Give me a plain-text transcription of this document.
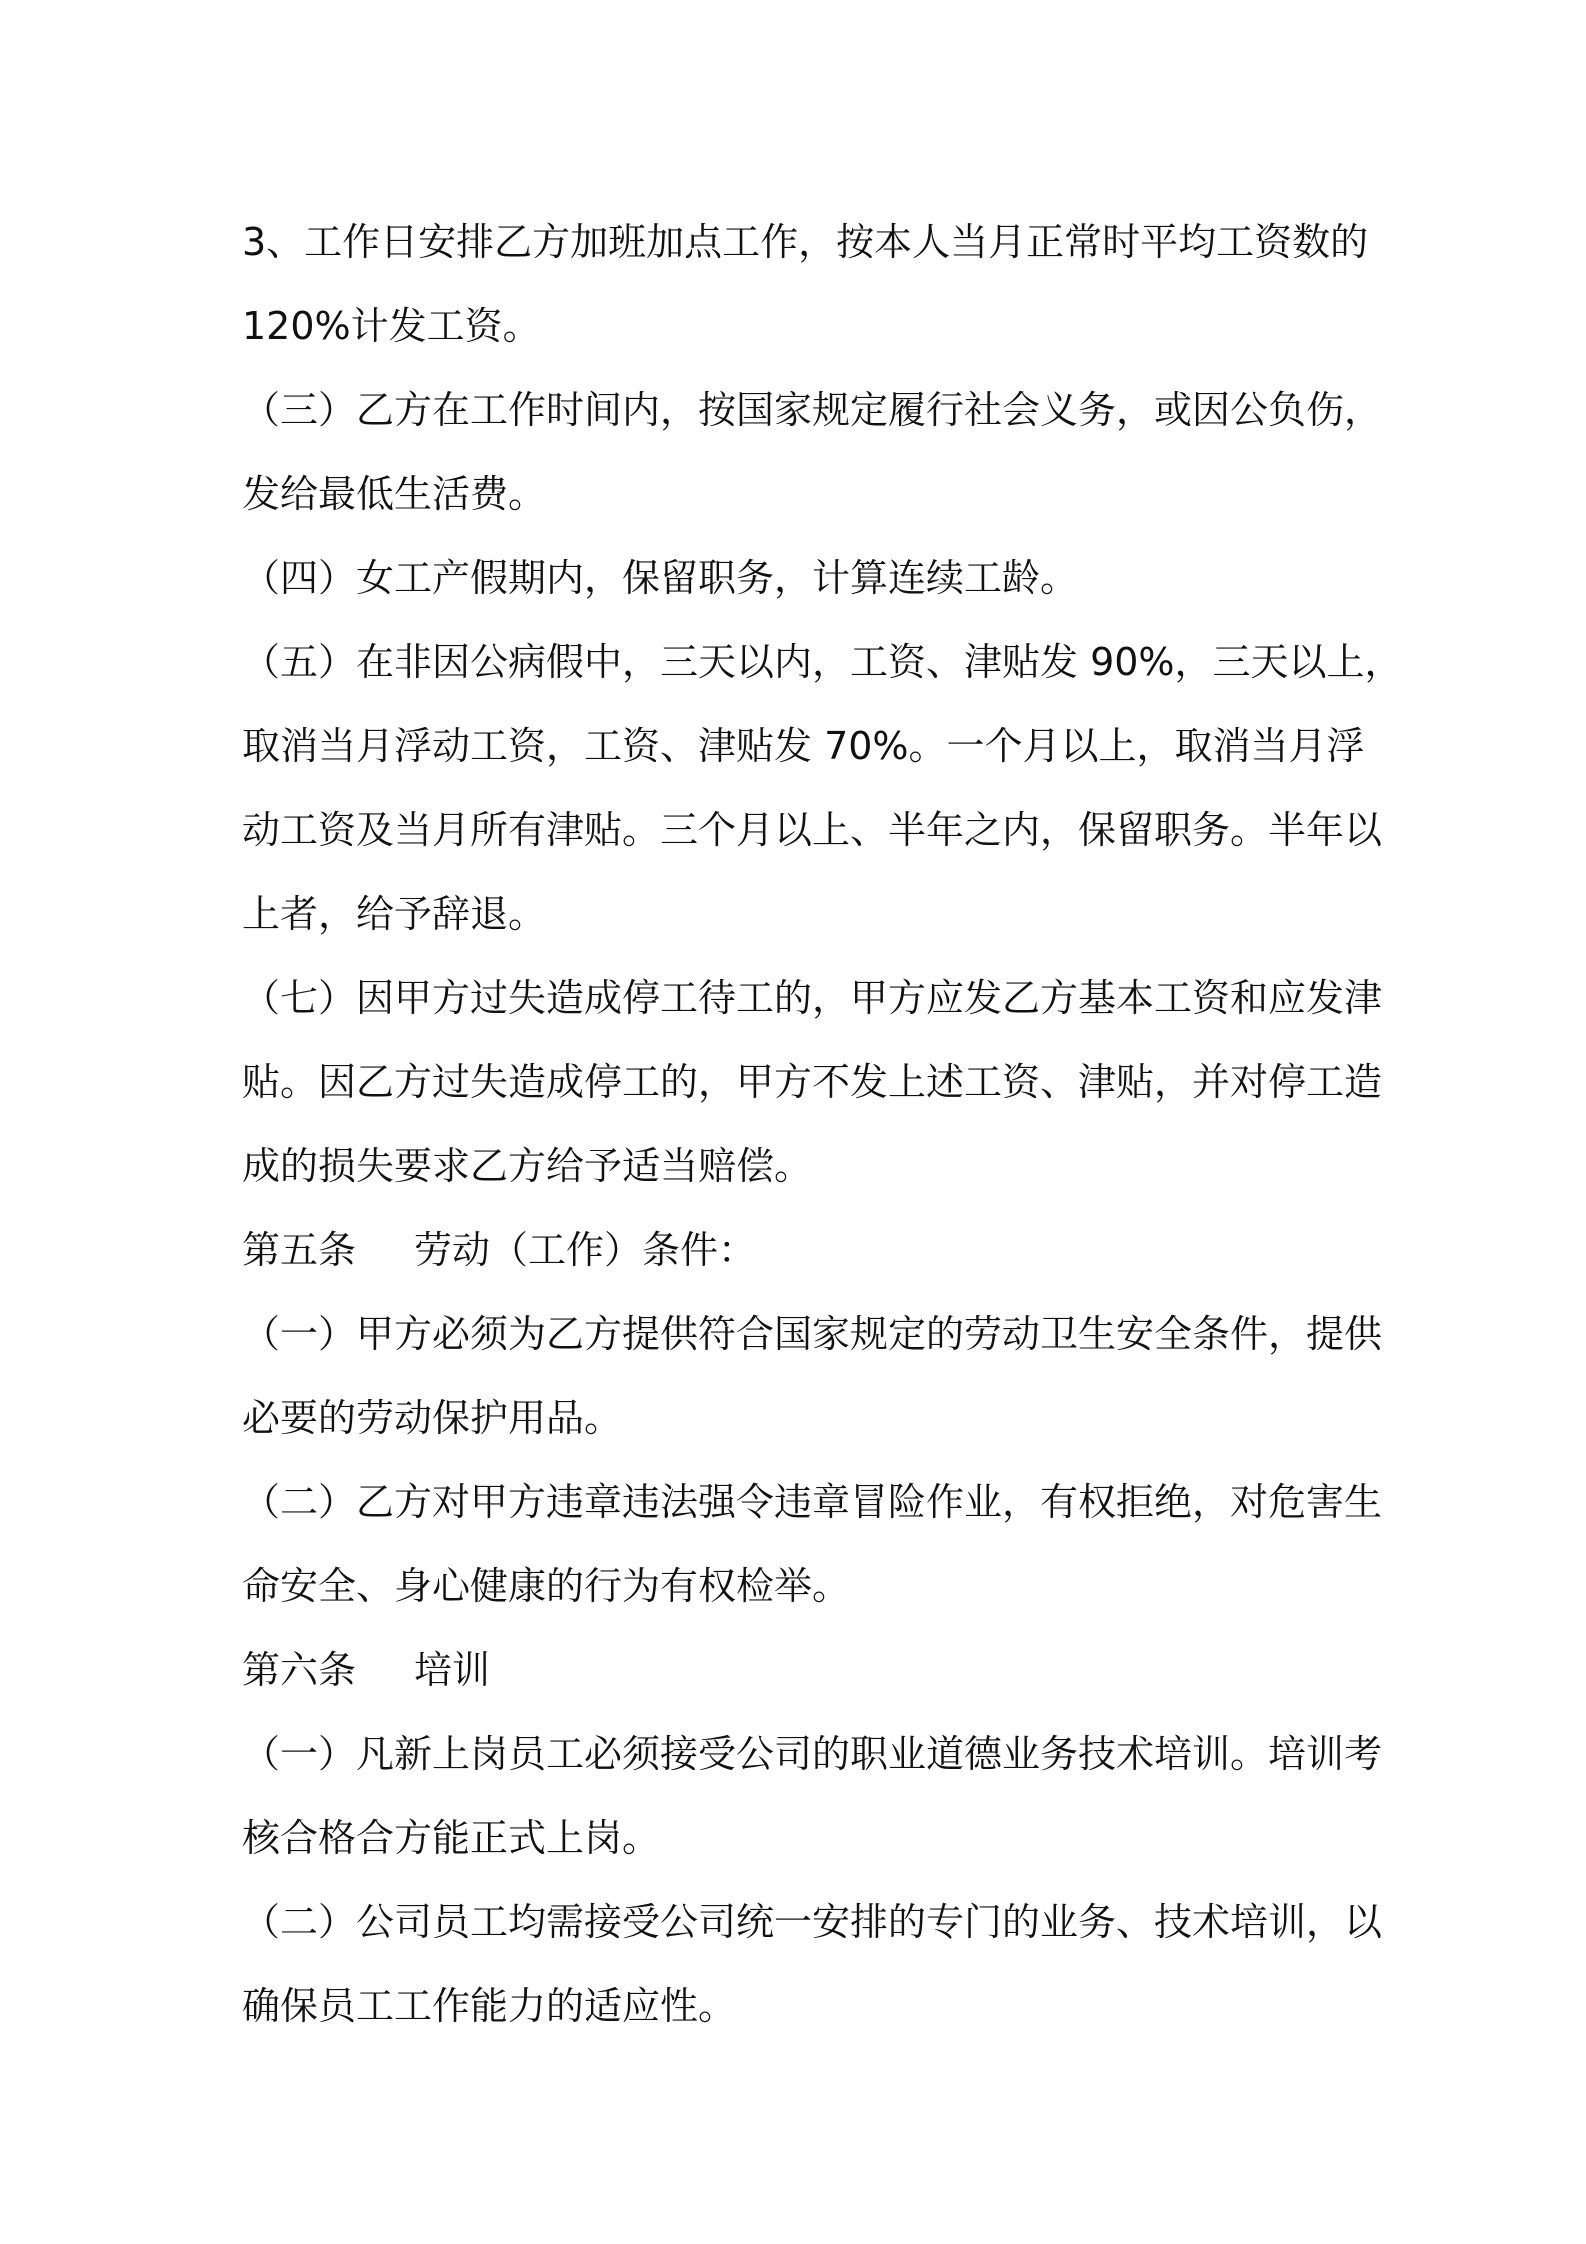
3、工作日安排乙方加班加点工作，按本人当月正常时平均工资数的
120%计发工资。
（三）乙方在工作时间内，按国家规定履行社会义务，或因公负伤，
发给最低生活费。
（四）女工产假期内，保留职务，计算连续工龄。
（五）在非因公病假中，三天以内，工资、津贴发 90%，三天以上，
取消当月浮动工资，工资、津贴发 70%。一个月以上，取消当月浮
动工资及当月所有津贴。三个月以上、半年之内，保留职务。半年以
上者，给予辞退。
（七）因甲方过失造成停工待工的，甲方应发乙方基本工资和应发津
贴。因乙方过失造成停工的，甲方不发上述工资、津贴，并对停工造
成的损失要求乙方给予适当赔偿。
第五条 劳动（工作）条件：
（一）甲方必须为乙方提供符合国家规定的劳动卫生安全条件，提供
必要的劳动保护用品。
（二）乙方对甲方违章违法强令违章冒险作业，有权拒绝，对危害生
命安全、身心健康的行为有权检举。
第六条 培训
（一）凡新上岗员工必须接受公司的职业道德业务技术培训。培训考
核合格合方能正式上岗。
（二）公司员工均需接受公司统一安排的专门的业务、技术培训，以
确保员工工作能力的适应性。
